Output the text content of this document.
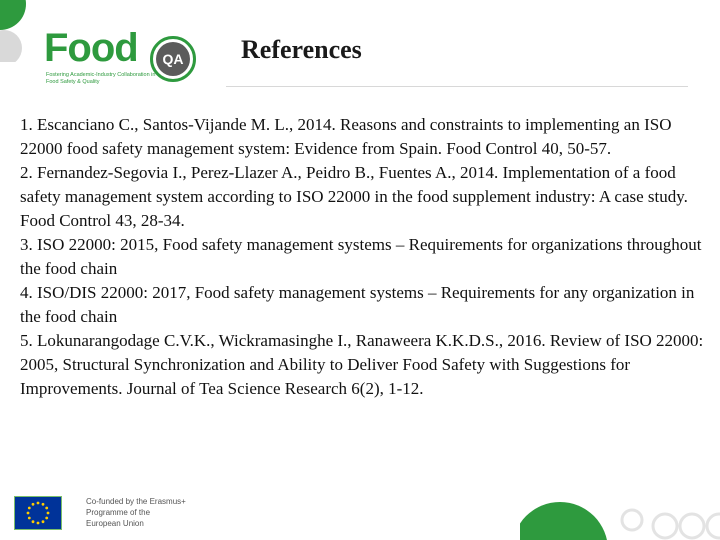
Food	QA
Fostering Academic-Industry Collaboration in Food Safety & Quality
References

1. Escanciano C., Santos-Vijande M. L., 2014. Reasons and constraints to implementing an ISO 22000 food safety management system: Evidence from Spain. Food Control 40, 50-57.

2. Fernandez-Segovia I., Perez-Llazer A., Peidro B., Fuentes A., 2014. Implementation of a food safety management system according to ISO 22000 in the food supplement industry: A case study. Food Control 43, 28-34.

3. ISO 22000: 2015, Food safety management systems – Requirements for organizations throughout the food chain

4. ISO/DIS 22000: 2017, Food safety management systems – Requirements for any organization in the food chain

5. Lokunarangodage C.V.K., Wickramasinghe I., Ranaweera K.K.D.S., 2016. Review of ISO 22000: 2005, Structural Synchronization and Ability to Deliver Food Safety with Suggestions for Improvements. Journal of Tea Science Research 6(2), 1-12.

Co-funded by the Erasmus+ Programme of the European Union
